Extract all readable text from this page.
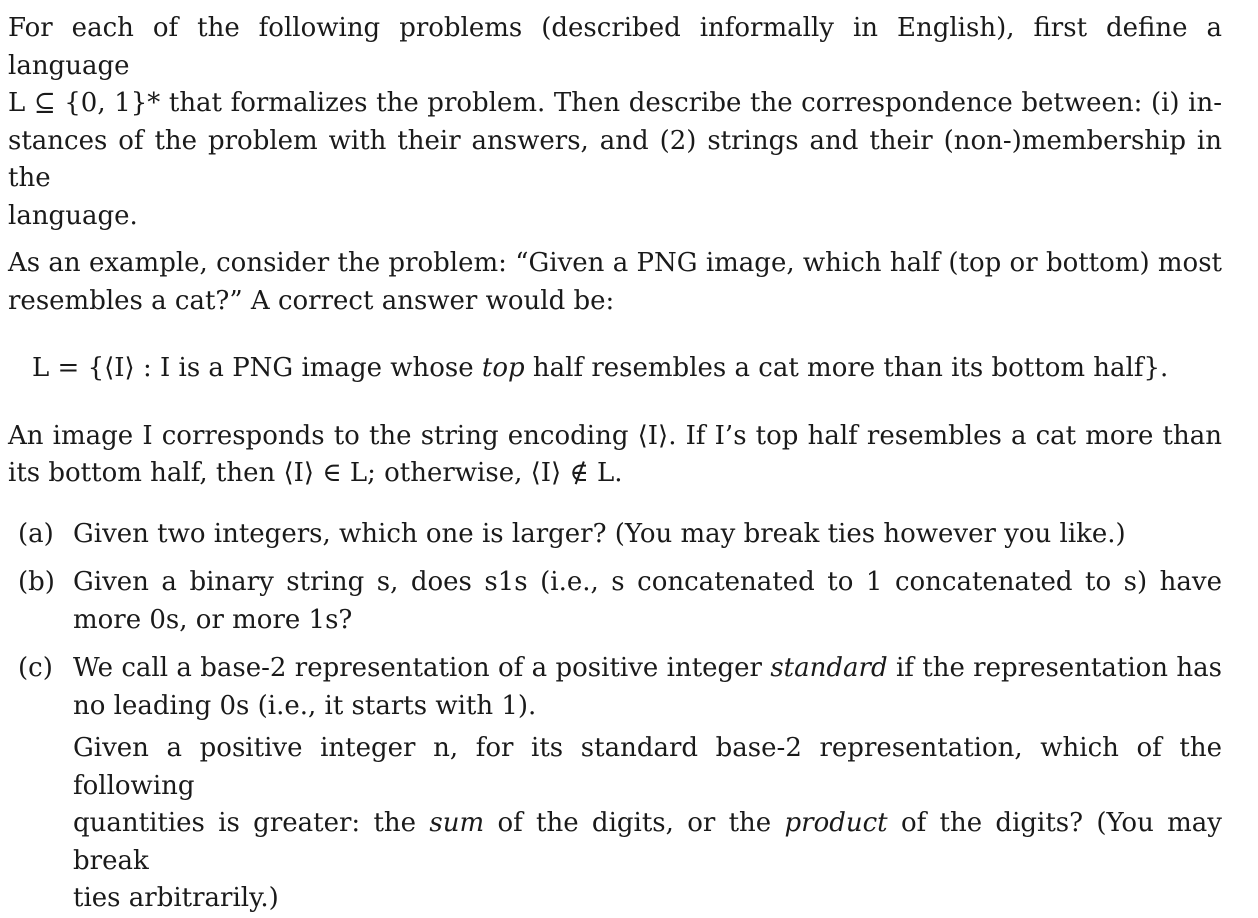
For each of the following problems (described informally in English), first define a language
L ⊆ {0, 1}* that formalizes the problem. Then describe the correspondence between: (i) in-
stances of the problem with their answers, and (2) strings and their (non-)membership in the
language.

As an example, consider the problem: “Given a PNG image, which half (top or bottom) most
resembles a cat?” A correct answer would be:

L = {⟨I⟩ : I is a PNG image whose top half resembles a cat more than its bottom half}.

An image I corresponds to the string encoding ⟨I⟩. If I’s top half resembles a cat more than
its bottom half, then ⟨I⟩ ∈ L; otherwise, ⟨I⟩ ∉ L.

(a) Given two integers, which one is larger? (You may break ties however you like.)
(b) Given a binary string s, does s1s (i.e., s concatenated to 1 concatenated to s) have
more 0s, or more 1s?
(c) We call a base-2 representation of a positive integer standard if the representation has
no leading 0s (i.e., it starts with 1).
Given a positive integer n, for its standard base-2 representation, which of the following
quantities is greater: the sum of the digits, or the product of the digits? (You may break
ties arbitrarily.)
